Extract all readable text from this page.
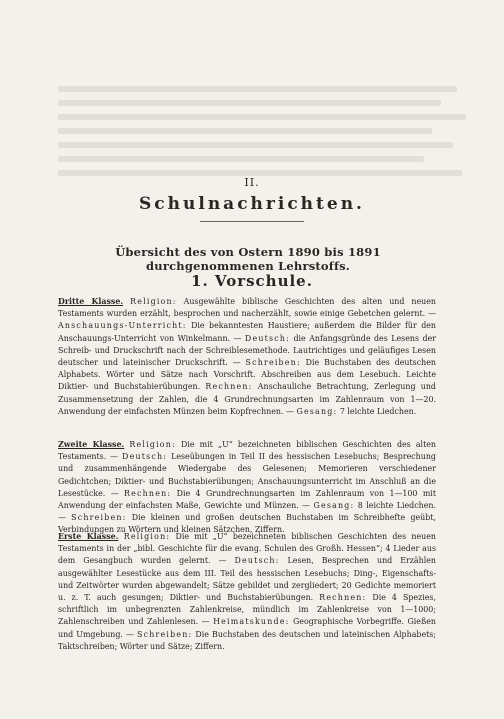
II.
Schulnachrichten.
Übersicht des von Ostern 1890 bis 1891 durchgenommenen Lehrstoffs.
1. Vorschule.
Dritte Klasse. Religion: Ausgewählte biblische Geschichten des alten und neuen Testaments wurden erzählt, besprochen und nacherzählt, sowie einige Gebetchen gelernt. — Anschauungs-Unterricht: Die bekanntesten Haustiere; außerdem die Bilder für den Anschauungs-Unterricht von Winkelmann. — Deutsch: die Anfangsgründe des Lesens der Schreib- und Druckschrift nach der Schreiblesemethode. Lautrichtiges und geläufiges Lesen deutscher und lateinischer Druckschrift. — Schreiben: Die Buchstaben des deutschen Alphabets. Wörter und Sätze nach Vorschrift. Abschreiben aus dem Lesebuch. Leichte Diktier- und Buchstabierübungen. Rechnen: Anschauliche Betrachtung, Zerlegung und Zusammensetzung der Zahlen, die 4 Grundrechnungsarten im Zahlenraum von 1—20. Anwendung der einfachsten Münzen beim Kopfrechnen. — Gesang: 7 leichte Liedchen.
Zweite Klasse. Religion: Die mit „U“ bezeichneten biblischen Geschichten des alten Testaments. — Deutsch: Leseübungen in Teil II des hessischen Lesebuchs; Besprechung und zusammenhängende Wiedergabe des Gelesenen; Memorieren verschiedener Gedichtchen; Diktier- und Buchstabierübungen; Anschauungsunterricht im Anschluß an die Lesestücke. — Rechnen: Die 4 Grundrechnungsarten im Zahlenraum von 1—100 mit Anwendung der einfachsten Maße, Gewichte und Münzen. — Gesang: 8 leichte Liedchen. — Schreiben: Die kleinen und großen deutschen Buchstaben im Schreibhefte geübt, Verbindungen zu Wörtern und kleinen Sätzchen, Ziffern.
Erste Klasse. Religion: Die mit „U“ bezeichneten biblischen Geschichten des neuen Testaments in der „bibl. Geschichte für die evang. Schulen des Großh. Hessen“; 4 Lieder aus dem Gesangbuch wurden gelernt. — Deutsch: Lesen, Besprechen und Erzählen ausgewählter Lesestücke aus dem III. Teil des hessischen Lesebuchs; Ding-, Eigenschafts- und Zeitwörter wurden abgewandelt; Sätze gebildet und zergliedert; 20 Gedichte memoriert u. z. T. auch gesungen; Diktier- und Buchstabierübungen. Rechnen: Die 4 Spezies, schriftlich im unbegrenzten Zahlenkreise, mündlich im Zahlenkreise von 1—1000; Zahlenschreiben und Zahlenlesen. — Heimatskunde: Geographische Vorbegriffe. Gießen und Umgebung. — Schreiben: Die Buchstaben des deutschen und lateinischen Alphabets; Taktschreiben; Wörter und Sätze; Ziffern.
